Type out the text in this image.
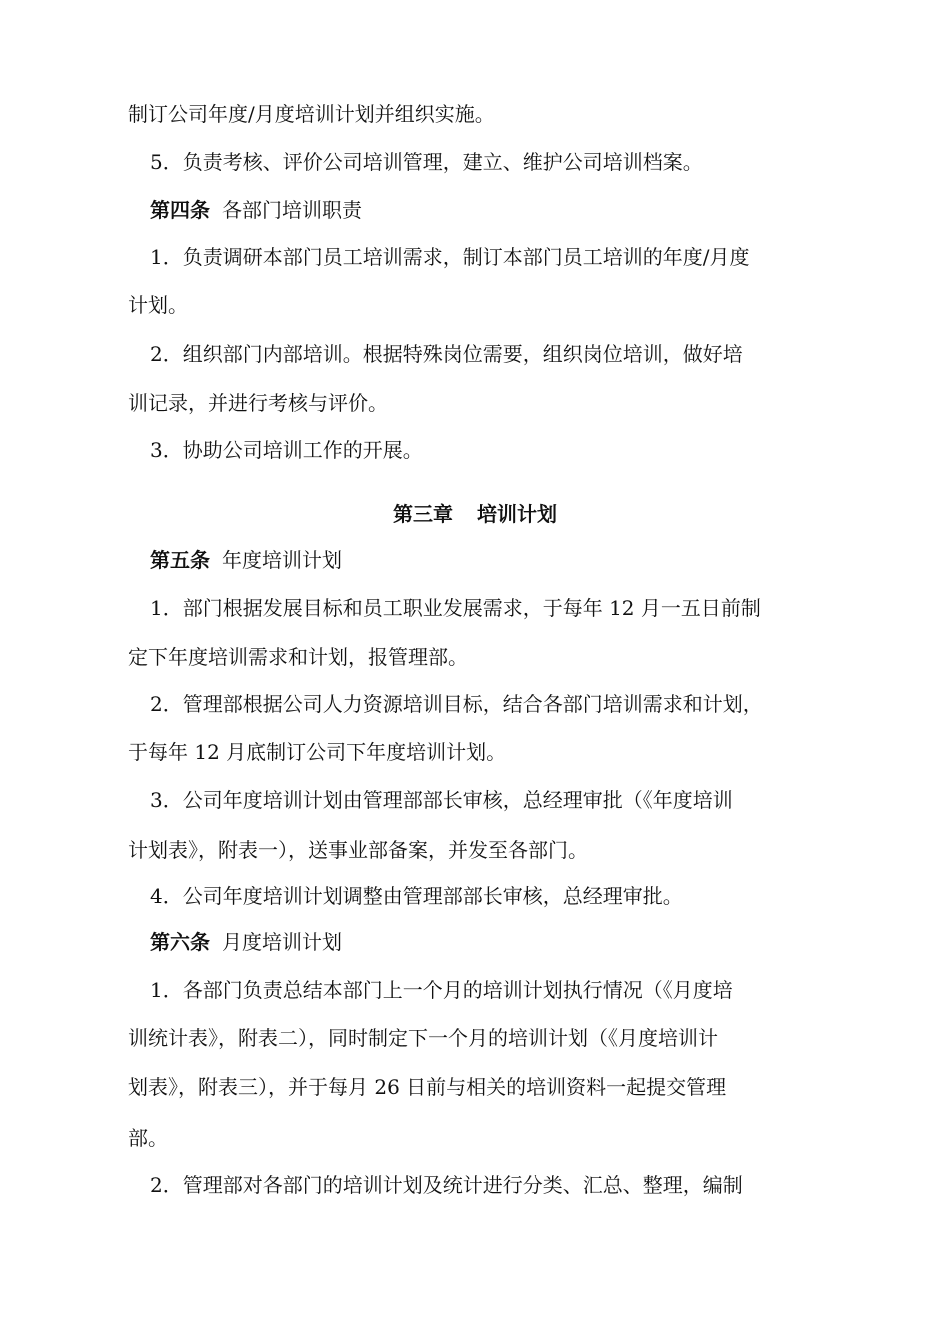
制订公司年度/月度培训计划并组织实施。
5．负责考核、评价公司培训管理，建立、维护公司培训档案。
第四条 各部门培训职责
1．负责调研本部门员工培训需求，制订本部门员工培训的年度/月度
计划。
2．组织部门内部培训。根据特殊岗位需要，组织岗位培训，做好培
训记录，并进行考核与评价。
3．协助公司培训工作的开展。
第三章 培训计划
第五条 年度培训计划
1．部门根据发展目标和员工职业发展需求，于每年 12 月一五日前制
定下年度培训需求和计划，报管理部。
2．管理部根据公司人力资源培训目标，结合各部门培训需求和计划，
于每年 12 月底制订公司下年度培训计划。
3．公司年度培训计划由管理部部长审核，总经理审批（《年度培训
计划表》，附表一），送事业部备案，并发至各部门。
4．公司年度培训计划调整由管理部部长审核，总经理审批。
第六条 月度培训计划
1．各部门负责总结本部门上一个月的培训计划执行情况（《月度培
训统计表》，附表二），同时制定下一个月的培训计划（《月度培训计
划表》，附表三），并于每月 26 日前与相关的培训资料一起提交管理
部。
2．管理部对各部门的培训计划及统计进行分类、汇总、整理，编制
